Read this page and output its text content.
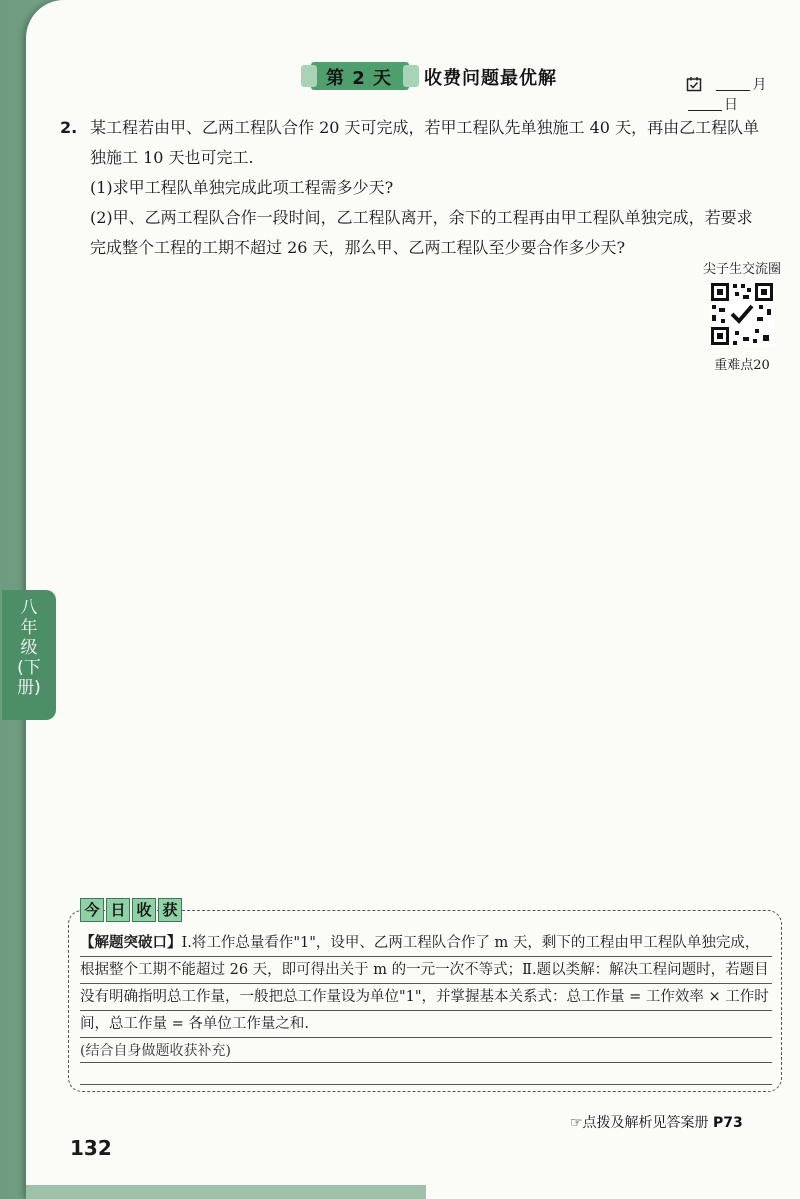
第 2 天 收费问题最优解	月 日
2. 某工程若由甲、乙两工程队合作 20 天可完成，若甲工程队先单独施工 40 天，再由乙工程队单

独施工 10 天也可完工.

(1)求甲工程队单独完成此项工程需多少天?

(2)甲、乙两工程队合作一段时间，乙工程队离开，余下的工程再由甲工程队单独完成，若要求

完成整个工程的工期不超过 26 天，那么甲、乙两工程队至少要合作多少天?

尖子生交流圈
重难点20
今 日 收 获

【解题突破口】Ⅰ.将工作总量看作"1"，设甲、乙两工程队合作了 m 天，剩下的工程由甲工程队单独完成，

根据整个工期不能超过 26 天，即可得出关于 m 的一元一次不等式；Ⅱ.题以类解：解决工程问题时，若题目

没有明确指明总工作量，一般把总工作量设为单位"1"，并掌握基本关系式：总工作量 = 工作效率 × 工作时

间，总工作量 = 各单位工作量之和.

(结合自身做题收获补充)
☞点拨及解析见答案册 P73
132
八年级(下册)
